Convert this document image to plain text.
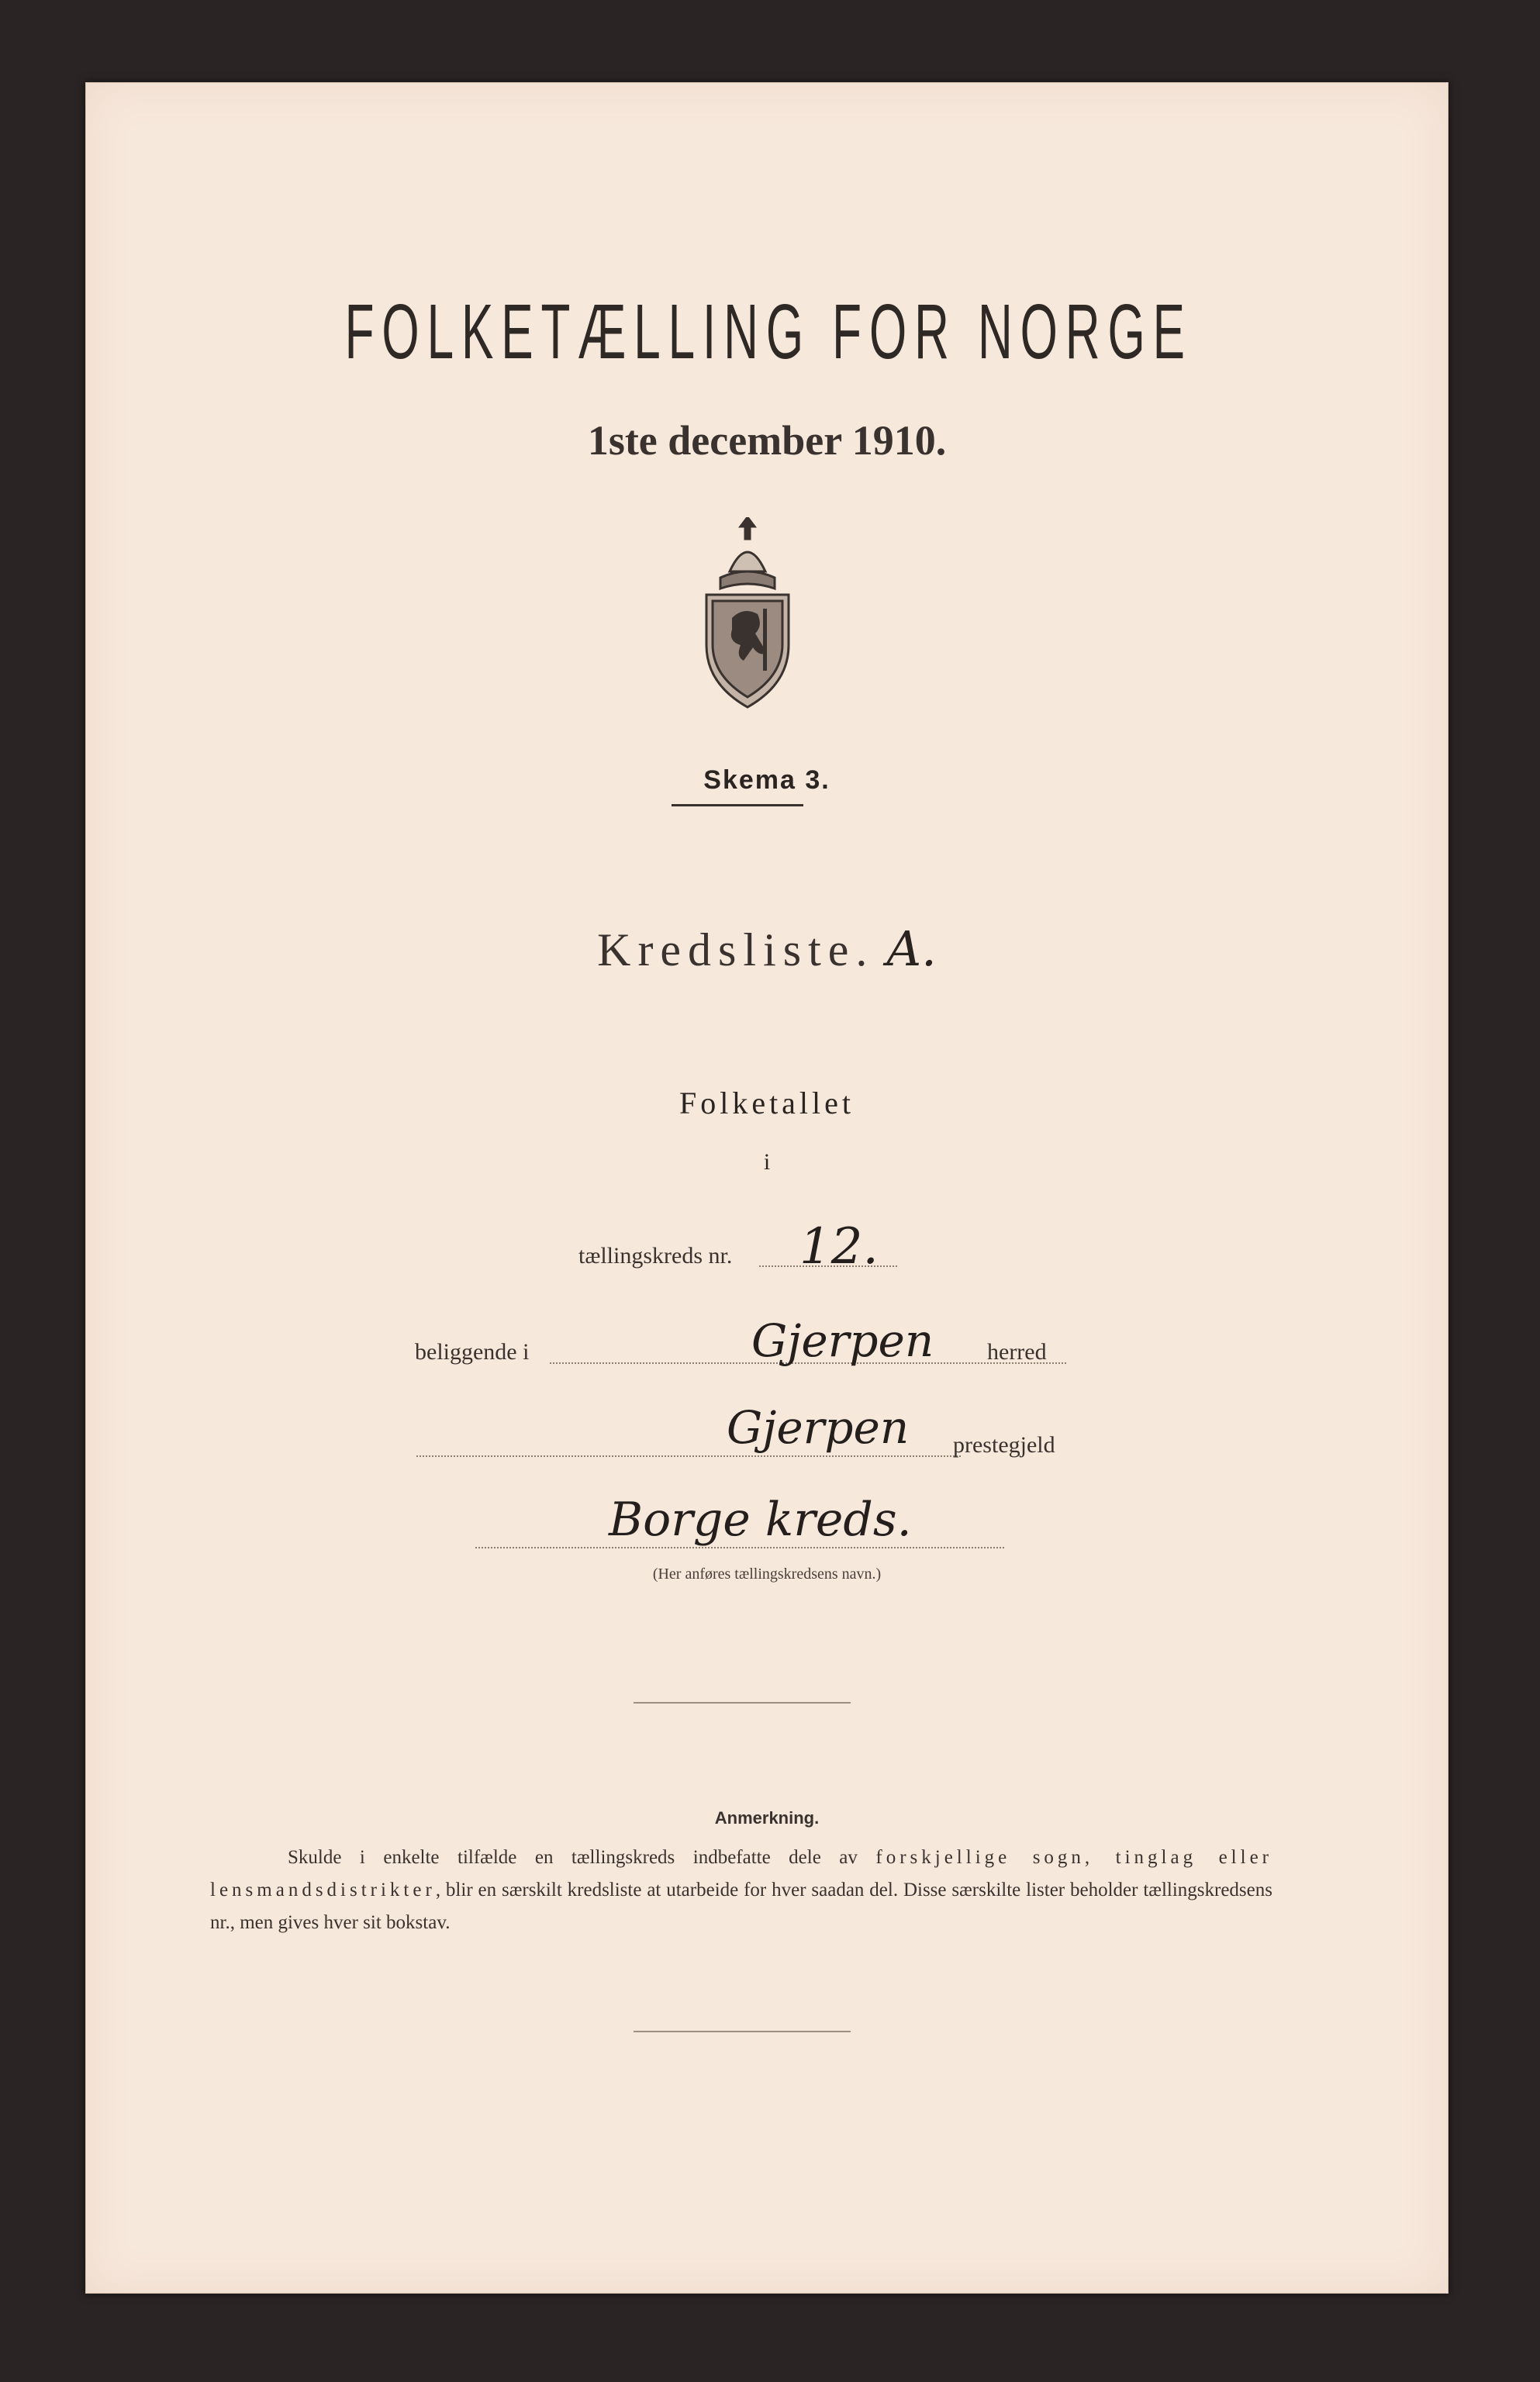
FOLKETÆLLING FOR NORGE
1ste december 1910.
Skema 3.
Kredsliste. A.
Folketallet
i
tællingskreds nr. 12.
beliggende i	Gjerpen herred
Gjerpen prestegjeld
Borge kreds.
(Her anføres tællingskredsens navn.)
Anmerkning.
Skulde i enkelte tilfælde en tællingskreds indbefatte dele av forskjellige sogn, tinglag eller lensmandsdistrikter, blir en særskilt kredsliste at utarbeide for hver saadan del. Disse særskilte lister beholder tællingskredsens nr., men gives hver sit bokstav.
